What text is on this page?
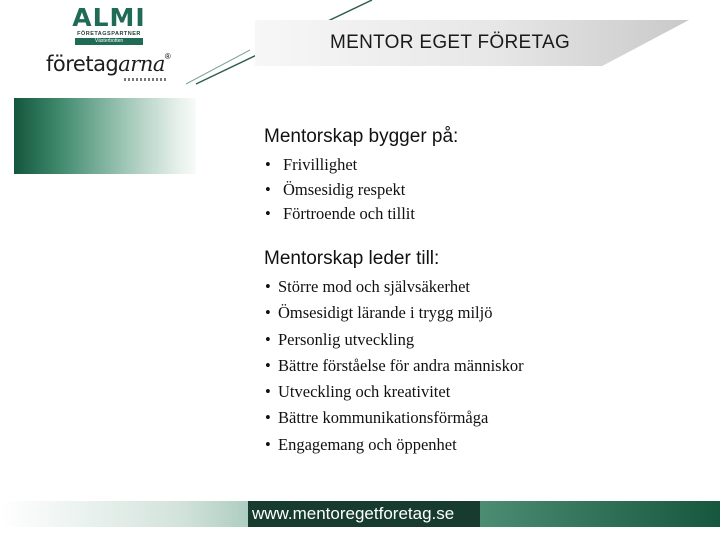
MENTOR EGET FÖRETAG
ALMI
FÖRETAGSPARTNER
Västerbotten
företagarna®
Mentorskap bygger på:
• Frivillighet
• Ömsesidig respekt
• Förtroende och tillit
Mentorskap leder till:
• Större mod och självsäkerhet
• Ömsesidigt lärande i trygg miljö
• Personlig utveckling
• Bättre förståelse för andra människor
• Utveckling och kreativitet
• Bättre kommunikationsförmåga
• Engagemang och öppenhet
www.mentoregetforetag.se
